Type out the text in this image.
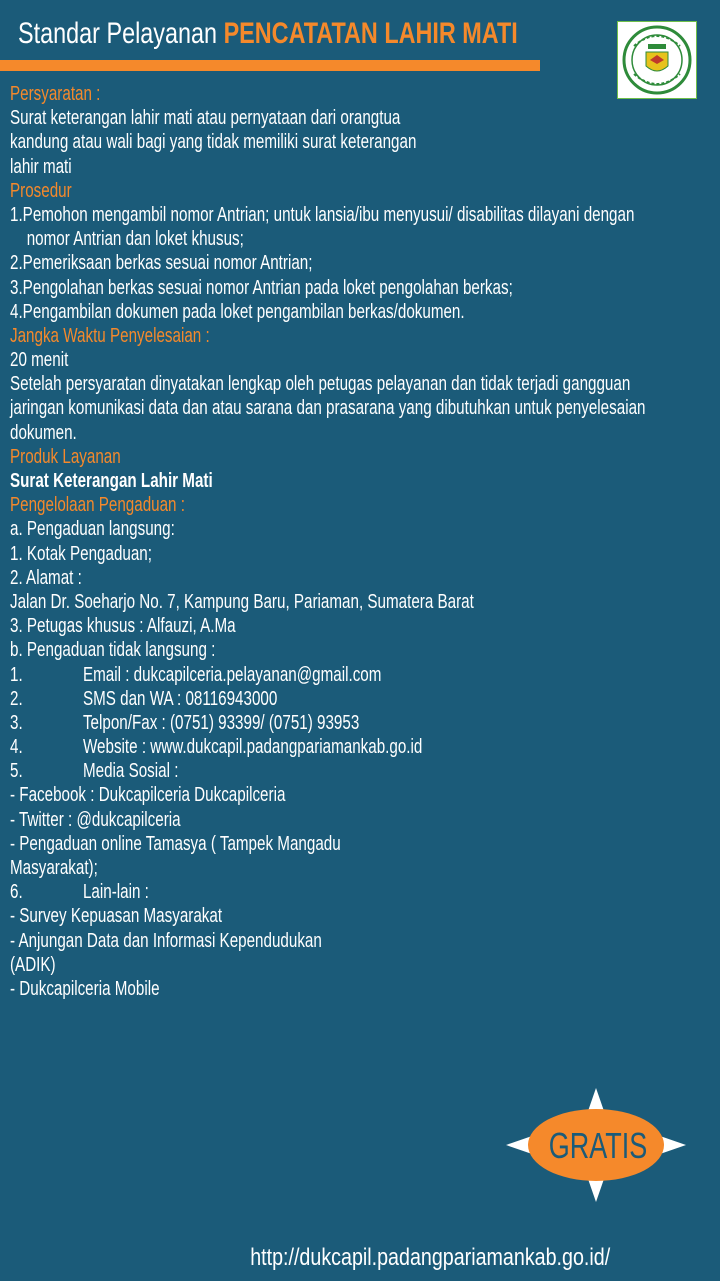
Standar Pelayanan PENCATATAN LAHIR MATI
Persyaratan :
Surat keterangan lahir mati atau pernyataan dari orangtua
kandung atau wali bagi yang tidak memiliki surat keterangan
lahir mati
Prosedur
1.Pemohon mengambil nomor Antrian; untuk lansia/ibu menyusui/ disabilitas dilayani dengan
nomor Antrian dan loket khusus;
2.Pemeriksaan berkas sesuai nomor Antrian;
3.Pengolahan berkas sesuai nomor Antrian pada loket pengolahan berkas;
4.Pengambilan dokumen pada loket pengambilan berkas/dokumen.
Jangka Waktu Penyelesaian :
20 menit
Setelah persyaratan dinyatakan lengkap oleh petugas pelayanan dan tidak terjadi gangguan
jaringan komunikasi data dan atau sarana dan prasarana yang dibutuhkan untuk penyelesaian
dokumen.
Produk Layanan
Surat Keterangan Lahir Mati
Pengelolaan Pengaduan :
a. Pengaduan langsung:
1. Kotak Pengaduan;
2. Alamat :
Jalan Dr. Soeharjo No. 7, Kampung Baru, Pariaman, Sumatera Barat
3. Petugas khusus : Alfauzi, A.Ma
b. Pengaduan tidak langsung :
1.	Email : dukcapilceria.pelayanan@gmail.com
2.	SMS dan WA : 08116943000
3.	Telpon/Fax : (0751) 93399/ (0751) 93953
4.	Website : www.dukcapil.padangpariamankab.go.id
5.	Media Sosial :
- Facebook : Dukcapilceria Dukcapilceria
- Twitter : @dukcapilceria
- Pengaduan online Tamasya ( Tampek Mangadu
Masyarakat);
6.	Lain-lain :
- Survey Kepuasan Masyarakat
- Anjungan Data dan Informasi Kependudukan
(ADIK)
- Dukcapilceria Mobile
GRATIS
http://dukcapil.padangpariamankab.go.id/
